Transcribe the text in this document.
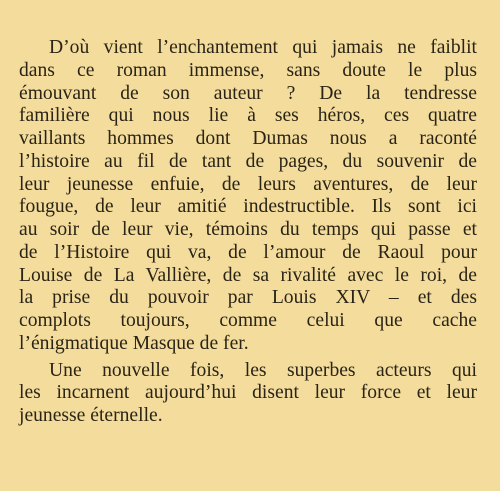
D’où vient l’enchantement qui jamais ne faiblit
dans ce roman immense, sans doute le plus
émouvant de son auteur ? De la tendresse
familière qui nous lie à ses héros, ces quatre
vaillants hommes dont Dumas nous a raconté
l’histoire au fil de tant de pages, du souvenir de
leur jeunesse enfuie, de leurs aventures, de leur
fougue, de leur amitié indestructible. Ils sont ici
au soir de leur vie, témoins du temps qui passe et
de l’Histoire qui va, de l’amour de Raoul pour
Louise de La Vallière, de sa rivalité avec le roi, de
la prise du pouvoir par Louis XIV – et des
complots toujours, comme celui que cache
l’énigmatique Masque de fer.

Une nouvelle fois, les superbes acteurs qui
les incarnent aujourd’hui disent leur force et leur
jeunesse éternelle.
